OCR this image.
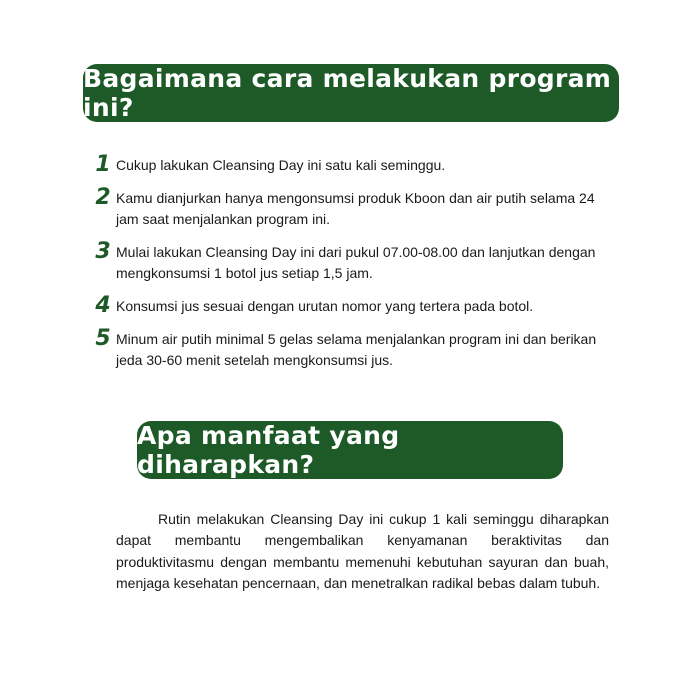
Bagaimana cara melakukan program ini?
1 Cukup lakukan Cleansing Day ini satu kali seminggu.
2 Kamu dianjurkan hanya mengonsumsi produk Kboon dan air putih selama 24 jam saat menjalankan program ini.
3 Mulai lakukan Cleansing Day ini dari pukul 07.00-08.00 dan lanjutkan dengan mengkonsumsi 1 botol jus setiap 1,5 jam.
4 Konsumsi jus sesuai dengan urutan nomor yang tertera pada botol.
5 Minum air putih minimal 5 gelas selama menjalankan program ini dan berikan jeda 30-60 menit setelah mengkonsumsi jus.
Apa manfaat yang diharapkan?

Rutin melakukan Cleansing Day ini cukup 1 kali seminggu diharapkan dapat membantu mengembalikan kenyamanan beraktivitas dan produktivitasmu dengan membantu memenuhi kebutuhan sayuran dan buah, menjaga kesehatan pencernaan, dan menetralkan radikal bebas dalam tubuh.
